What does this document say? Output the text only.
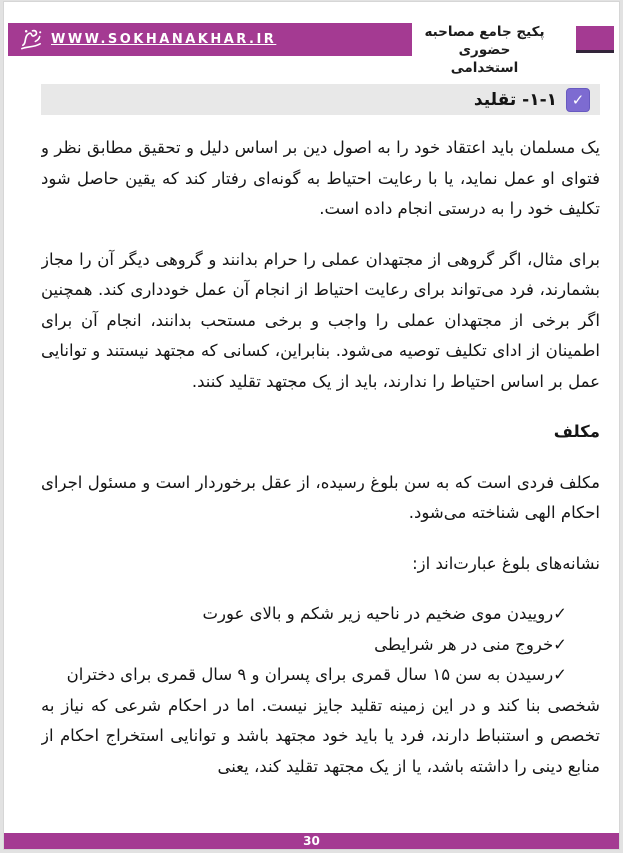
WWW.SOKHANAKHAR.IR	پکیج جامع مصاحبه حضوری
استخدامی
✓
۱-۱- تقلید

یک مسلمان باید اعتقاد خود را به اصول دین بر اساس دلیل و تحقیق مطابق نظر و فتوای او عمل نماید، یا با رعایت احتیاط به گونه‌ای رفتار کند که یقین حاصل شود تکلیف خود را به درستی انجام داده است.

برای مثال، اگر گروهی از مجتهدان عملی را حرام بدانند و گروهی دیگر آن را مجاز بشمارند، فرد می‌تواند برای رعایت احتیاط از انجام آن عمل خودداری کند. همچنین اگر برخی از مجتهدان عملی را واجب و برخی مستحب بدانند، انجام آن برای اطمینان از ادای تکلیف توصیه می‌شود. بنابراین، کسانی که مجتهد نیستند و توانایی عمل بر اساس احتیاط را ندارند، باید از یک مجتهد تقلید کنند.

مکلف

مکلف فردی است که به سن بلوغ رسیده، از عقل برخوردار است و مسئول اجرای احکام الهی شناخته می‌شود.

نشانه‌های بلوغ عبارت‌اند از:

✓روییدن موی ضخیم در ناحیه زیر شکم و بالای عورت
✓خروج منی در هر شرایطی
✓رسیدن به سن ۱۵ سال قمری برای پسران و ۹ سال قمری برای دختران

شخصی بنا کند و در این زمینه تقلید جایز نیست. اما در احکام شرعی که نیاز به تخصص و استنباط دارند، فرد یا باید خود مجتهد باشد و توانایی استخراج احکام از منابع دینی را داشته باشد، یا از یک مجتهد تقلید کند، یعنی

30
